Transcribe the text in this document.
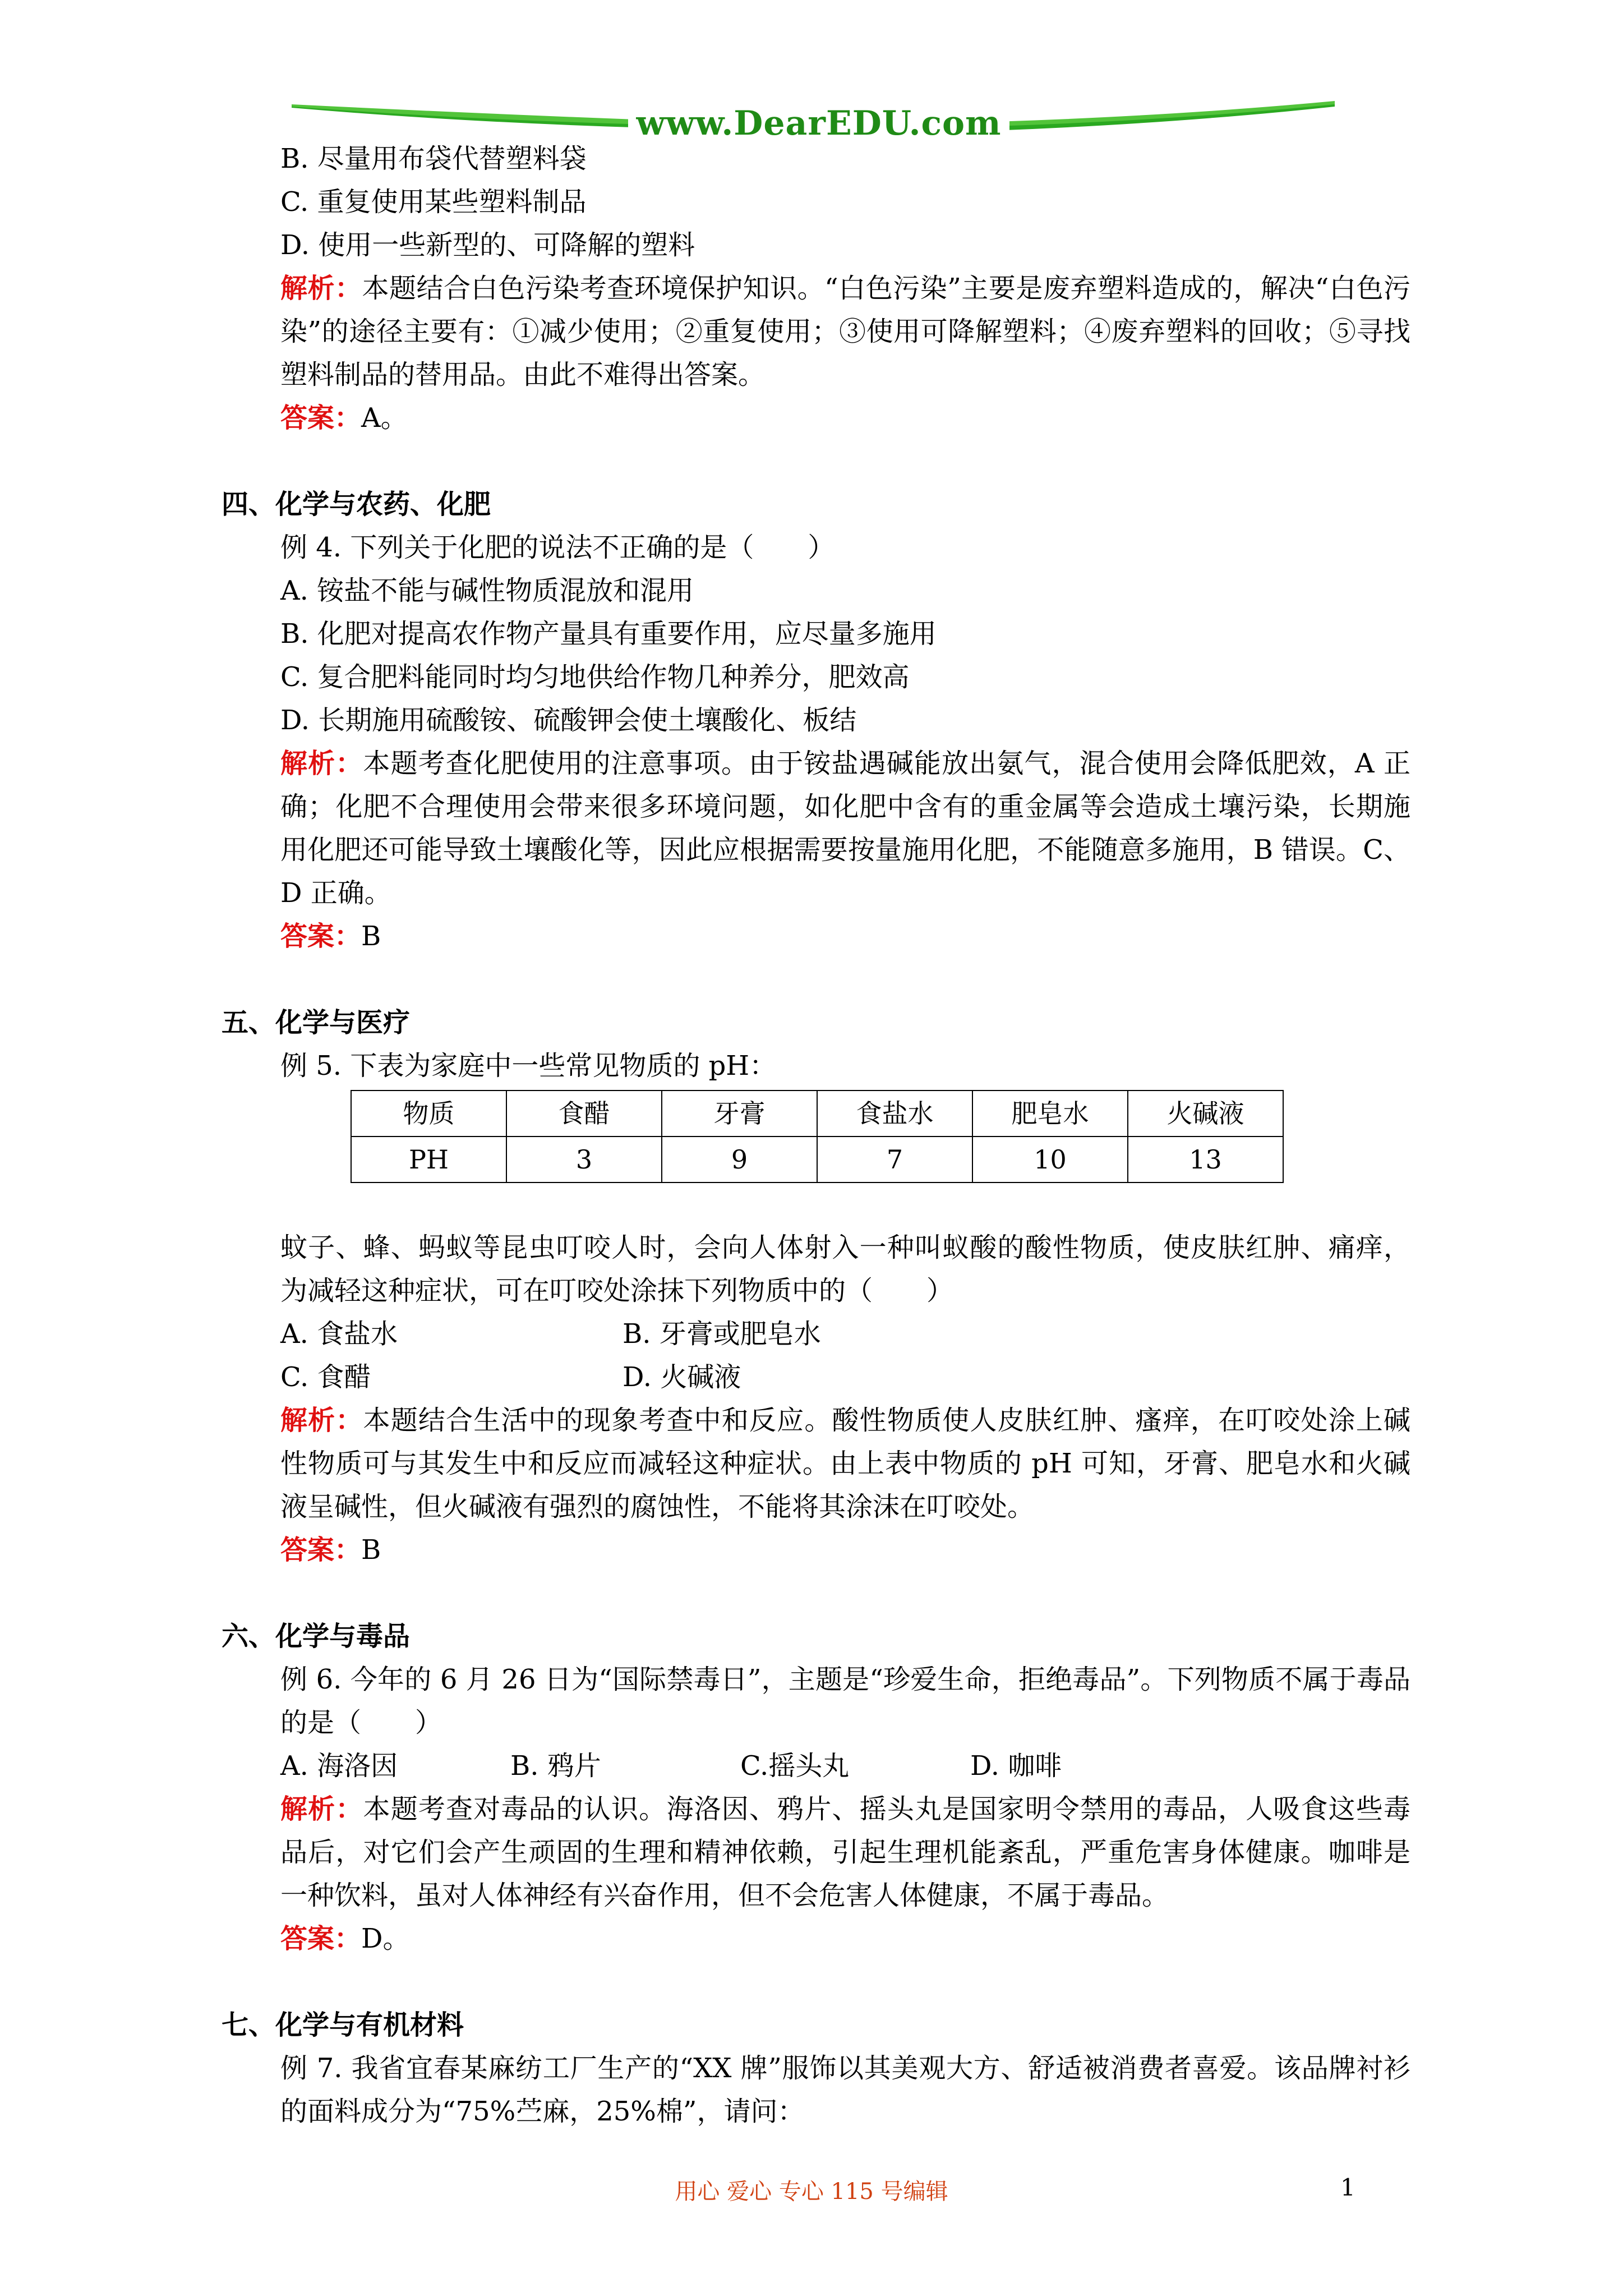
www.DearEDU.com

B. 尽量用布袋代替塑料袋

C. 重复使用某些塑料制品

D. 使用一些新型的、可降解的塑料

解析：本题结合白色污染考查环境保护知识。“白色污染”主要是废弃塑料造成的，解决“白色污染”的途径主要有：①减少使用；②重复使用；③使用可降解塑料；④废弃塑料的回收；⑤寻找塑料制品的替用品。由此不难得出答案。

答案：A。

四、化学与农药、化肥

例 4. 下列关于化肥的说法不正确的是（　　）

A. 铵盐不能与碱性物质混放和混用

B. 化肥对提高农作物产量具有重要作用，应尽量多施用

C. 复合肥料能同时均匀地供给作物几种养分，肥效高

D. 长期施用硫酸铵、硫酸钾会使土壤酸化、板结

解析：本题考查化肥使用的注意事项。由于铵盐遇碱能放出氨气，混合使用会降低肥效，A 正确；化肥不合理使用会带来很多环境问题，如化肥中含有的重金属等会造成土壤污染，长期施用化肥还可能导致土壤酸化等，因此应根据需要按量施用化肥，不能随意多施用，B 错误。C、D 正确。

答案：B

五、化学与医疗

例 5. 下表为家庭中一些常见物质的 pH：

物质	食醋	牙膏	食盐水	肥皂水	火碱液
PH	3	9	7	10	13

蚊子、蜂、蚂蚁等昆虫叮咬人时，会向人体射入一种叫蚁酸的酸性物质，使皮肤红肿、痛痒，为减轻这种症状，可在叮咬处涂抹下列物质中的（　　）

A. 食盐水	B. 牙膏或肥皂水

C. 食醋	D. 火碱液

解析：本题结合生活中的现象考查中和反应。酸性物质使人皮肤红肿、瘙痒，在叮咬处涂上碱性物质可与其发生中和反应而减轻这种症状。由上表中物质的 pH 可知，牙膏、肥皂水和火碱液呈碱性，但火碱液有强烈的腐蚀性，不能将其涂沫在叮咬处。

答案：B

六、化学与毒品

例 6. 今年的 6 月 26 日为“国际禁毒日”，主题是“珍爱生命，拒绝毒品”。下列物质不属于毒品的是（　　）

A. 海洛因	B. 鸦片	C.摇头丸	D. 咖啡

解析：本题考查对毒品的认识。海洛因、鸦片、摇头丸是国家明令禁用的毒品，人吸食这些毒品后，对它们会产生顽固的生理和精神依赖，引起生理机能紊乱，严重危害身体健康。咖啡是一种饮料，虽对人体神经有兴奋作用，但不会危害人体健康，不属于毒品。

答案：D。

七、化学与有机材料

例 7. 我省宜春某麻纺工厂生产的“XX 牌”服饰以其美观大方、舒适被消费者喜爱。该品牌衬衫的面料成分为“75%苎麻，25%棉”，请问：

用心 爱心 专心 115 号编辑	1
